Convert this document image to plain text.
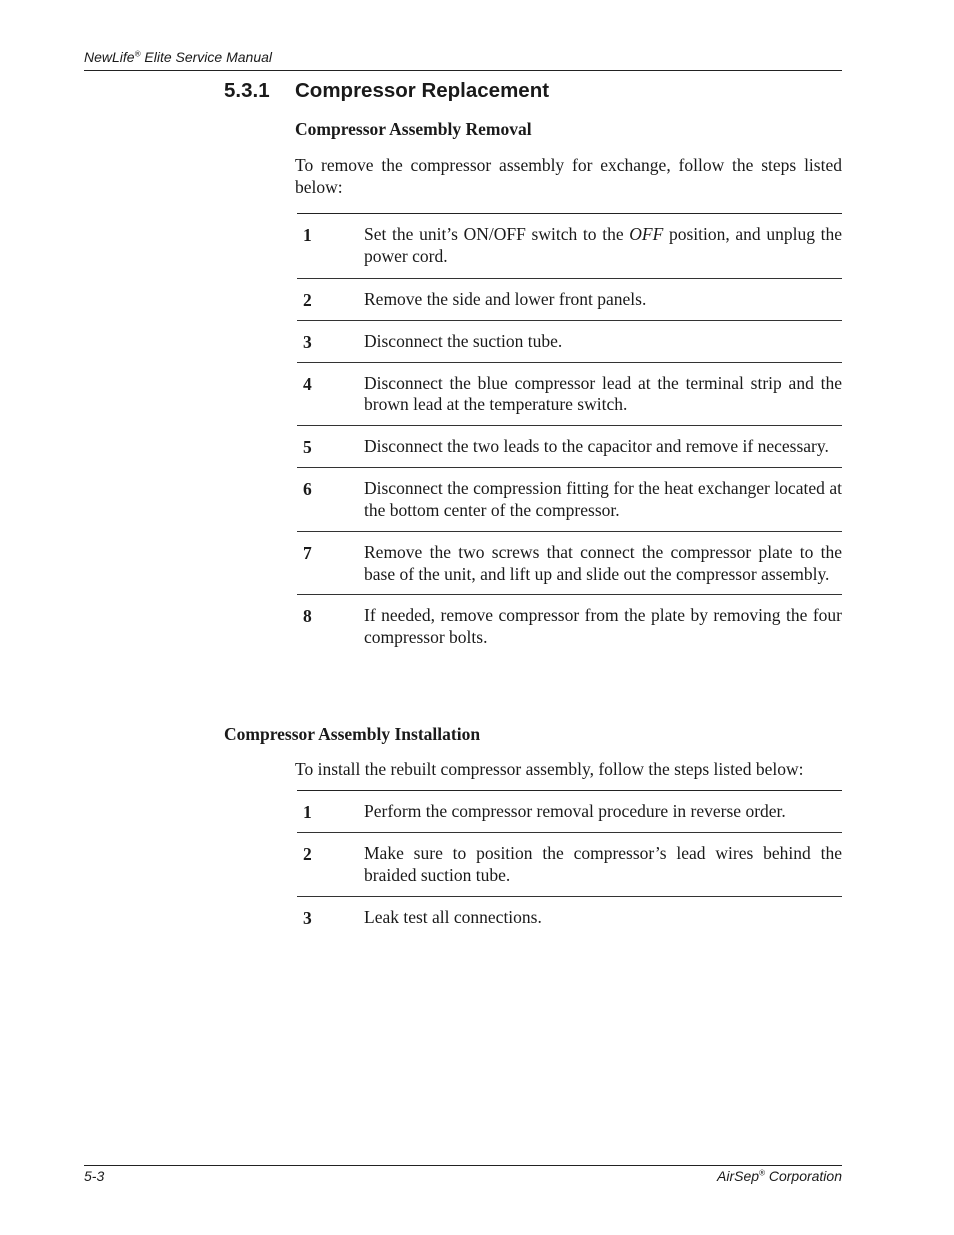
NewLife® Elite Service Manual
5.3.1 Compressor Replacement
Compressor Assembly Removal

To remove the compressor assembly for exchange, follow the steps listed below:

1	Set the unit’s ON/OFF switch to the OFF position, and unplug the power cord.
2	Remove the side and lower front panels.
3	Disconnect the suction tube.
4	Disconnect the blue compressor lead at the terminal strip and the brown lead at the temperature switch.
5	Disconnect the two leads to the capacitor and remove if necessary.
6	Disconnect the compression fitting for the heat exchanger located at the bottom center of the compressor.
7	Remove the two screws that connect the compressor plate to the base of the unit, and lift up and slide out the compressor assembly.
8	If needed, remove compressor from the plate by removing the four compressor bolts.
Compressor Assembly Installation

To install the rebuilt compressor assembly, follow the steps listed below:

1	Perform the compressor removal procedure in reverse order.
2	Make sure to position the compressor’s lead wires behind the braided suction tube.
3	Leak test all connections.
5-3	AirSep® Corporation
